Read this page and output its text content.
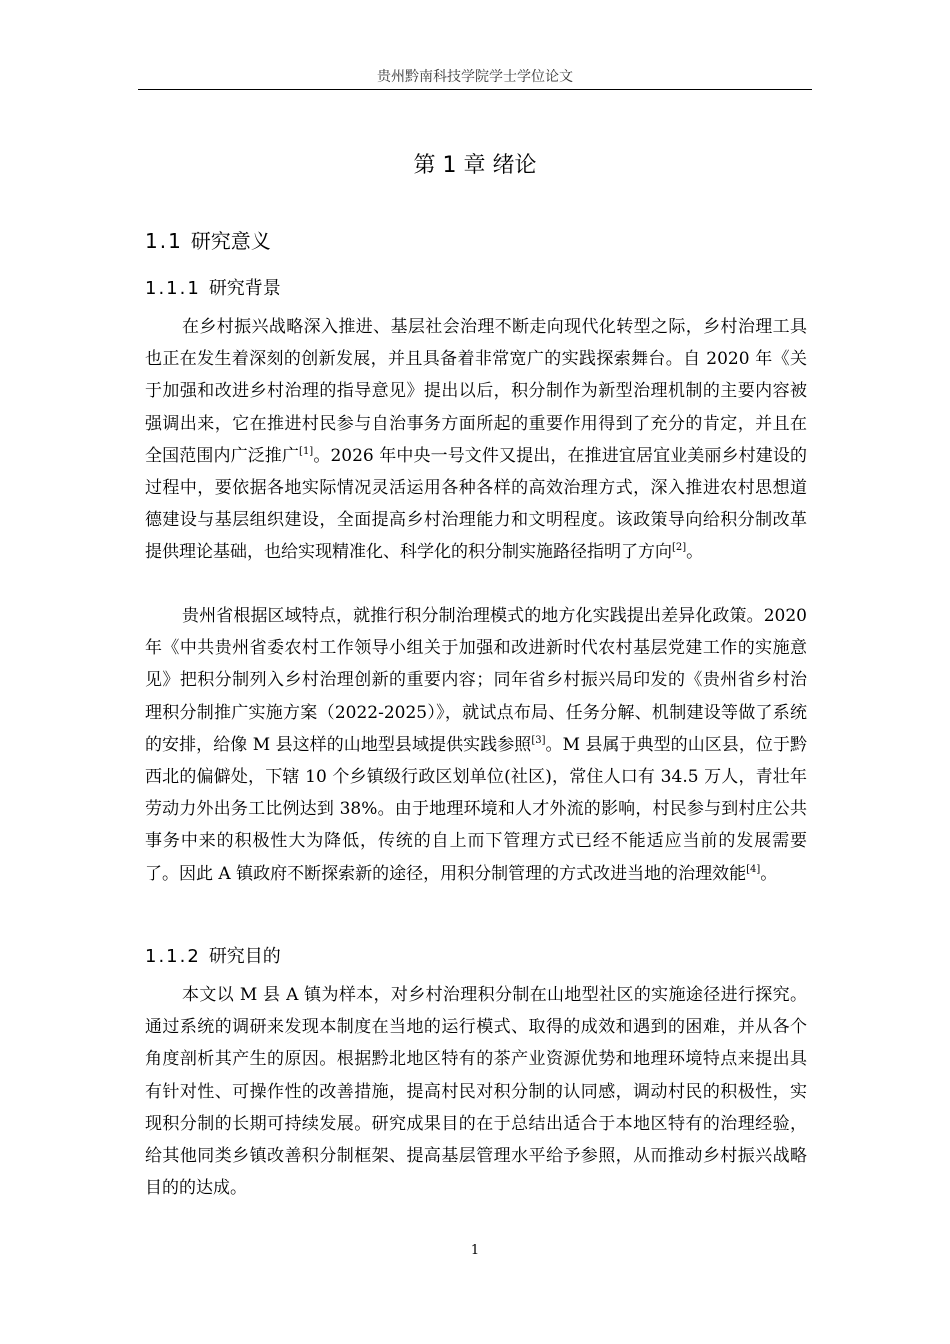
贵州黔南科技学院学士学位论文
第 1 章 绪论
1.1 研究意义
1.1.1 研究背景

在乡村振兴战略深入推进、基层社会治理不断走向现代化转型之际，乡村治理工具也正在发生着深刻的创新发展，并且具备着非常宽广的实践探索舞台。自 2020 年《关于加强和改进乡村治理的指导意见》提出以后，积分制作为新型治理机制的主要内容被强调出来，它在推进村民参与自治事务方面所起的重要作用得到了充分的肯定，并且在全国范围内广泛推广[1]。2026 年中央一号文件又提出，在推进宜居宜业美丽乡村建设的过程中，要依据各地实际情况灵活运用各种各样的高效治理方式，深入推进农村思想道德建设与基层组织建设，全面提高乡村治理能力和文明程度。该政策导向给积分制改革提供理论基础，也给实现精准化、科学化的积分制实施路径指明了方向[2]。

贵州省根据区域特点，就推行积分制治理模式的地方化实践提出差异化政策。2020 年《中共贵州省委农村工作领导小组关于加强和改进新时代农村基层党建工作的实施意见》把积分制列入乡村治理创新的重要内容；同年省乡村振兴局印发的《贵州省乡村治理积分制推广实施方案（2022-2025）》，就试点布局、任务分解、机制建设等做了系统的安排，给像 M 县这样的山地型县域提供实践参照[3]。M 县属于典型的山区县，位于黔西北的偏僻处，下辖 10 个乡镇级行政区划单位(社区)，常住人口有 34.5 万人，青壮年劳动力外出务工比例达到 38%。由于地理环境和人才外流的影响，村民参与到村庄公共事务中来的积极性大为降低，传统的自上而下管理方式已经不能适应当前的发展需要了。因此 A 镇政府不断探索新的途径，用积分制管理的方式改进当地的治理效能[4]。

1.1.2 研究目的

本文以 M 县 A 镇为样本，对乡村治理积分制在山地型社区的实施途径进行探究。通过系统的调研来发现本制度在当地的运行模式、取得的成效和遇到的困难，并从各个角度剖析其产生的原因。根据黔北地区特有的茶产业资源优势和地理环境特点来提出具有针对性、可操作性的改善措施，提高村民对积分制的认同感，调动村民的积极性，实现积分制的长期可持续发展。研究成果目的在于总结出适合于本地区特有的治理经验，给其他同类乡镇改善积分制框架、提高基层管理水平给予参照，从而推动乡村振兴战略目的的达成。

1
